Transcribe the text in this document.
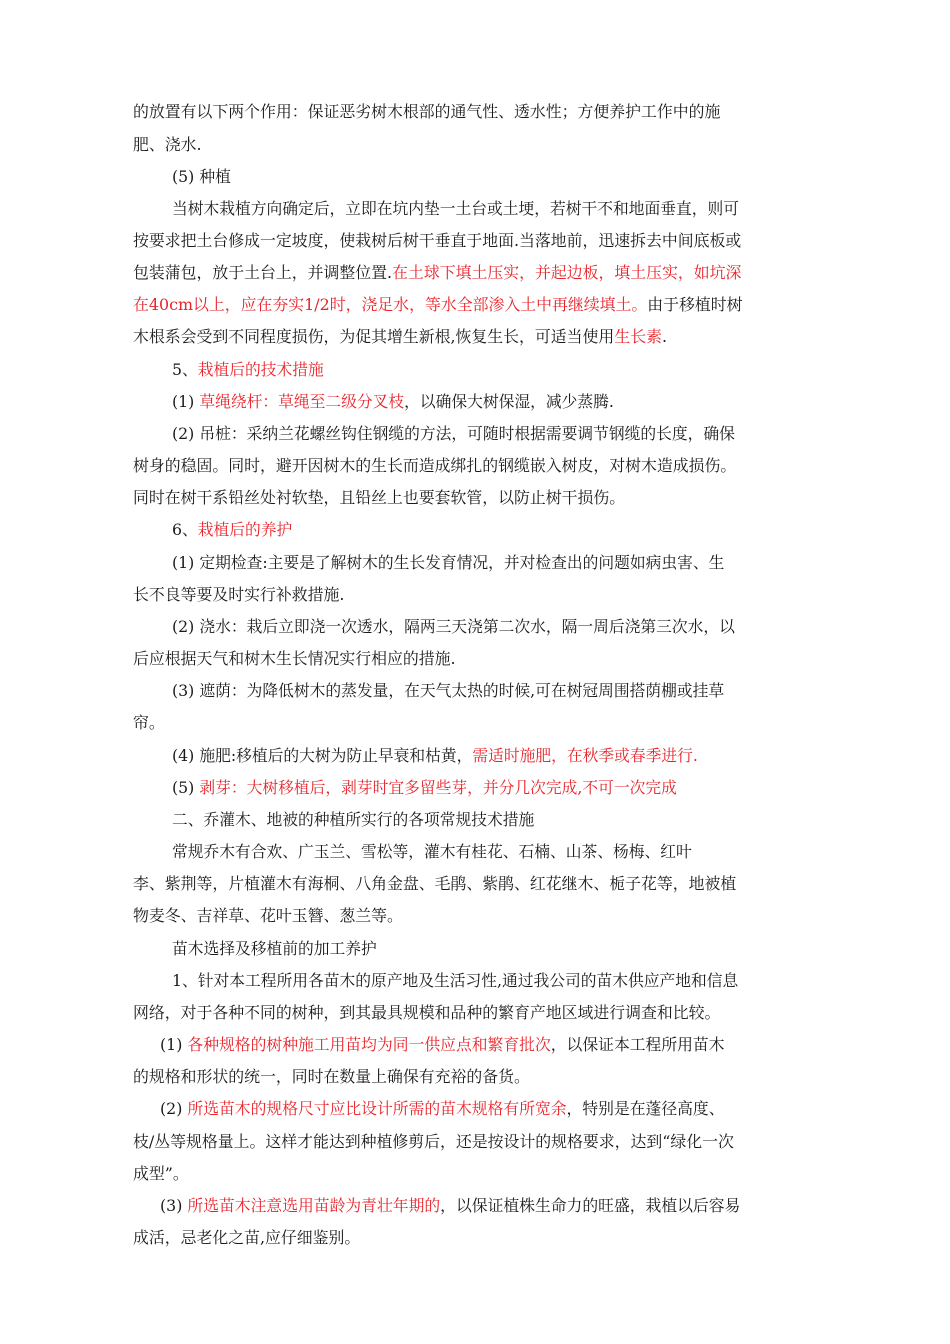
的放置有以下两个作用：保证恶劣树木根部的通气性、透水性；方便养护工作中的施
肥、浇水.
(5) 种植
当树木栽植方向确定后，立即在坑内垫一土台或土埂，若树干不和地面垂直，则可
按要求把土台修成一定坡度，使栽树后树干垂直于地面.当落地前，迅速拆去中间底板或
包装蒲包，放于土台上，并调整位置.在土球下填土压实，并起边板，填土压实，如坑深
在40cm以上，应在夯实1/2时，浇足水，等水全部渗入土中再继续填土。由于移植时树
木根系会受到不同程度损伤，为促其增生新根,恢复生长，可适当使用生长素.
5、栽植后的技术措施
(1) 草绳绕杆：草绳至二级分叉枝，以确保大树保湿，减少蒸腾.
(2) 吊桩：采纳兰花螺丝钩住钢缆的方法，可随时根据需要调节钢缆的长度，确保
树身的稳固。同时，避开因树木的生长而造成绑扎的钢缆嵌入树皮，对树木造成损伤。
同时在树干系铅丝处衬软垫，且铅丝上也要套软管，以防止树干损伤。
6、栽植后的养护
(1) 定期检查:主要是了解树木的生长发育情况，并对检查出的问题如病虫害、生
长不良等要及时实行补救措施.
(2) 浇水：栽后立即浇一次透水，隔两三天浇第二次水，隔一周后浇第三次水，以
后应根据天气和树木生长情况实行相应的措施.
(3) 遮荫：为降低树木的蒸发量，在天气太热的时候,可在树冠周围搭荫棚或挂草
帘。
(4) 施肥:移植后的大树为防止早衰和枯黄，需适时施肥，在秋季或春季进行.
(5) 剥芽：大树移植后，剥芽时宜多留些芽，并分几次完成,不可一次完成
二、乔灌木、地被的种植所实行的各项常规技术措施
常规乔木有合欢、广玉兰、雪松等，灌木有桂花、石楠、山茶、杨梅、红叶
李、紫荆等，片植灌木有海桐、八角金盘、毛鹃、紫鹃、红花继木、栀子花等，地被植
物麦冬、吉祥草、花叶玉簪、葱兰等。
苗木选择及移植前的加工养护
1、针对本工程所用各苗木的原产地及生活习性,通过我公司的苗木供应产地和信息
网络，对于各种不同的树种，到其最具规模和品种的繁育产地区域进行调查和比较。
(1) 各种规格的树种施工用苗均为同一供应点和繁育批次，以保证本工程所用苗木
的规格和形状的统一，同时在数量上确保有充裕的备货。
(2) 所选苗木的规格尺寸应比设计所需的苗木规格有所宽余，特别是在蓬径高度、
枝/丛等规格量上。这样才能达到种植修剪后，还是按设计的规格要求，达到“绿化一次
成型”。
(3) 所选苗木注意选用苗龄为青壮年期的，以保证植株生命力的旺盛，栽植以后容易
成活，忌老化之苗,应仔细鉴别。
